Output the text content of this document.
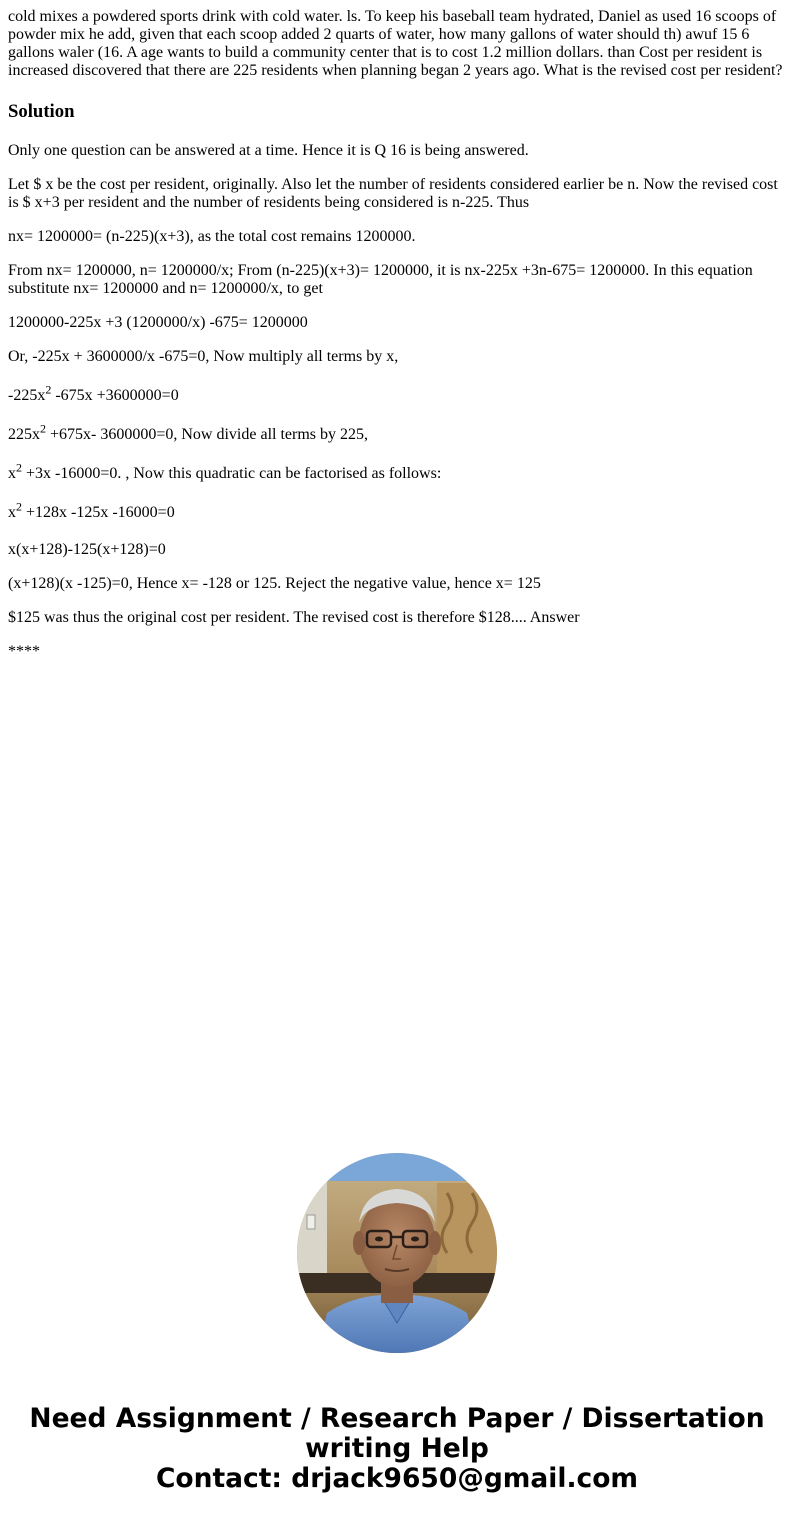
cold mixes a powdered sports drink with cold water. ls. To keep his baseball team hydrated, Daniel as used 16 scoops of powder mix he add, given that each scoop added 2 quarts of water, how many gallons of water should th) awuf 15 6 gallons waler (16. A age wants to build a community center that is to cost 1.2 million dollars. than Cost per resident is increased discovered that there are 225 residents when planning began 2 years ago. What is the revised cost per resident?

Solution

Only one question can be answered at a time. Hence it is Q 16 is being answered.

Let $ x be the cost per resident, originally. Also let the number of residents considered earlier be n. Now the revised cost is $ x+3 per resident and the number of residents being considered is n-225. Thus

nx= 1200000= (n-225)(x+3), as the total cost remains 1200000.

From nx= 1200000, n= 1200000/x; From (n-225)(x+3)= 1200000, it is nx-225x +3n-675= 1200000. In this equation substitute nx= 1200000 and n= 1200000/x, to get

1200000-225x +3 (1200000/x) -675= 1200000

Or, -225x + 3600000/x -675=0, Now multiply all terms by x,

$-225x^2$ -675x +3600000=0

$225x^2 +675x-$ 3600000=0, Now divide all terms by 225,

$x^2 +3x$ -16000=0. , Now this quadratic can be factorised as follows:

$x^2 +128x$ -125x -16000=0

x(x+128)-125(x+128)=0

(x+128)(x -125)=0, Hence x= -128 or 125. Reject the negative value, hence x= 125

$125 was thus the original cost per resident. The revised cost is therefore $128.... Answer

****

Need Assignment / Research Paper / Dissertation
writing Help
Contact: drjack9650@gmail.com
